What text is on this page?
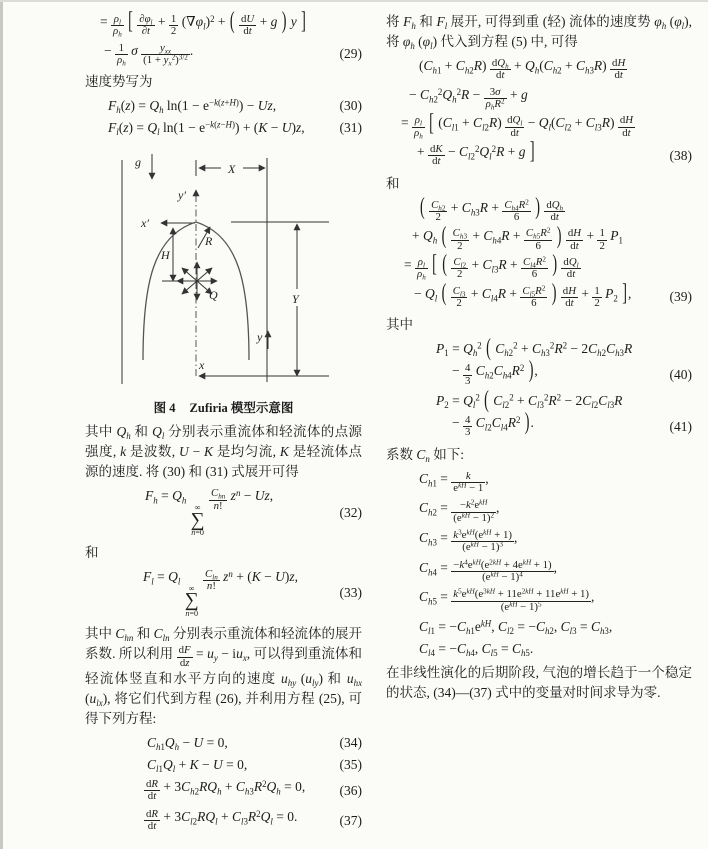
= $\frac{\rho_l}{\rho_h}$ [ $\frac{\partial\varphi_l}{\partial t} + \frac{1}{2} (\nabla\varphi_l)^2$ + ( $\frac{dU}{dt} + g$ ) y ]
− $\frac{1}{\rho_h}$ σ $\frac{y_{xx}}{(1 + y_x^2)^{3/2}}$ .	(29)

速度势写为

$F_h(z) = Q_h$ $\ln(1 - e^{-k(z+H)}) - Uz$,	(30)
$F_l(z) = Q_l$ $\ln(1 - e^{-k(z-H)}) + (K - U)z$,	(31)
g
y′
X
Y
x′
R
H
Q
y
x
图 4 Zufiria 模型示意图

其中 $Q_h$ 和 $Q_l$ 分别表示重流体和轻流体的点源强度, k 是波数, U − K 是均匀流, K 是轻流体点源的速度. 将 (30) 和 (31) 式展开可得

$F_h = Q_h$
∞
∑
n=0

$\frac{C_{hn}}{n!} z^n - Uz$,
(32)

和

$F_l = Q_l$
∞
∑
n=0

$\frac{C_{ln}}{n!} z^n + (K - U)z$,
(33)

其中 $C_{hn}$ 和 $C_{ln}$ 分别表示重流体和轻流体的展开系数. 所以利用 $\frac{dF}{dz} = u_y - iu_x$, 可以得到重流体和轻流体竖直和水平方向的速度 $u_{hy}$ $(u_{ly})$ 和 $u_{hx}$ $(u_{lx})$, 将它们代到方程 (26), 并利用方程 (25), 可得下列方程:

$C_{h1}Q_h - U = 0$,	(34)
$C_{l1}Q_l + K - U = 0$,	(35)
$\frac{dR}{dt} + 3C_{h2}RQ_h + C_{h3}R^2Q_h = 0$,	(36)
$\frac{dR}{dt} + 3C_{l2}RQ_l + C_{l3}R^2Q_l = 0$.	(37)

将 $F_h$ 和 $F_l$ 展开, 可得到重 (轻) 流体的速度势 $\varphi_h$ $(\varphi_l)$, 将 $\varphi_h$ $(\varphi_l)$ 代入到方程 (5) 中, 可得

$(C_{h1} + C_{h2}R) \frac{dQ_h}{dt} + Q_h(C_{h2} + C_{h3}R) \frac{dH}{dt}$
− $C_{h2}^2Q_h^2R - \frac{3\sigma}{\rho_hR^2} + g$
= $\frac{\rho_l}{\rho_h}$ [ $(C_{l1} + C_{l2}R) \frac{dQ_l}{dt} - Q_l(C_{l2} + C_{l3}R) \frac{dH}{dt}$
+ $\frac{dK}{dt} - C_{l2}^2Q_l^2R + g$ ]	(38)

和

( $\frac{C_{h2}}{2} + C_{h3}R + \frac{C_{h4}R^2}{6}$ ) $\frac{dQ_h}{dt}$
+ $Q_h$ ( $\frac{C_{h3}}{2} + C_{h4}R + \frac{C_{h5}R^2}{6}$ ) $\frac{dH}{dt} + \frac{1}{2} P_1$
= $\frac{\rho_l}{\rho_h}$ [ ( $\frac{C_{l2}}{2} + C_{l3}R + \frac{C_{l4}R^2}{6}$ ) $\frac{dQ_l}{dt}$
− $Q_l$ ( $\frac{C_{l3}}{2} + C_{l4}R + \frac{C_{l5}R^2}{6}$ ) $\frac{dH}{dt} + \frac{1}{2} P_2$ ],	(39)

其中

$P_1 = Q_h^2$ ( $C_{h2}^2 + C_{h3}^2R^2 - 2C_{h2}C_{h3}R$
− $\frac{4}{3} C_{h2}C_{h4}R^2$ ),	(40)
$P_2 = Q_l^2$ ( $C_{l2}^2 + C_{l3}^2R^2 - 2C_{l2}C_{l3}R$
− $\frac{4}{3} C_{l2}C_{l4}R^2$ ).	(41)

系数 $C_n$ 如下:

$C_{h1} = \frac{k}{e^{kH} - 1}$ ,
$C_{h2} = \frac{-k^2e^{kH}}{(e^{kH} - 1)^2}$ ,
$C_{h3} = \frac{k^3e^{kH}(e^{kH} + 1)}{(e^{kH} - 1)^3}$ ,
$C_{h4} = \frac{-k^4e^{kH}(e^{2kH} + 4e^{kH} + 1)}{(e^{kH} - 1)^4}$ ,
$C_{h5} = \frac{k^5e^{kH}(e^{3kH} + 11e^{2kH} + 11e^{kH} + 1)}{(e^{kH} - 1)^5}$ ,
$C_{l1} = -C_{h1}e^{kH}$, $C_{l2} = -C_{h2}$, $C_{l3} = C_{h3}$,
$C_{l4} = -C_{h4}$, $C_{l5} = C_{h5}$.

在非线性演化的后期阶段, 气泡的增长趋于一个稳定的状态, (34)—(37) 式中的变量对时间求导为零.
